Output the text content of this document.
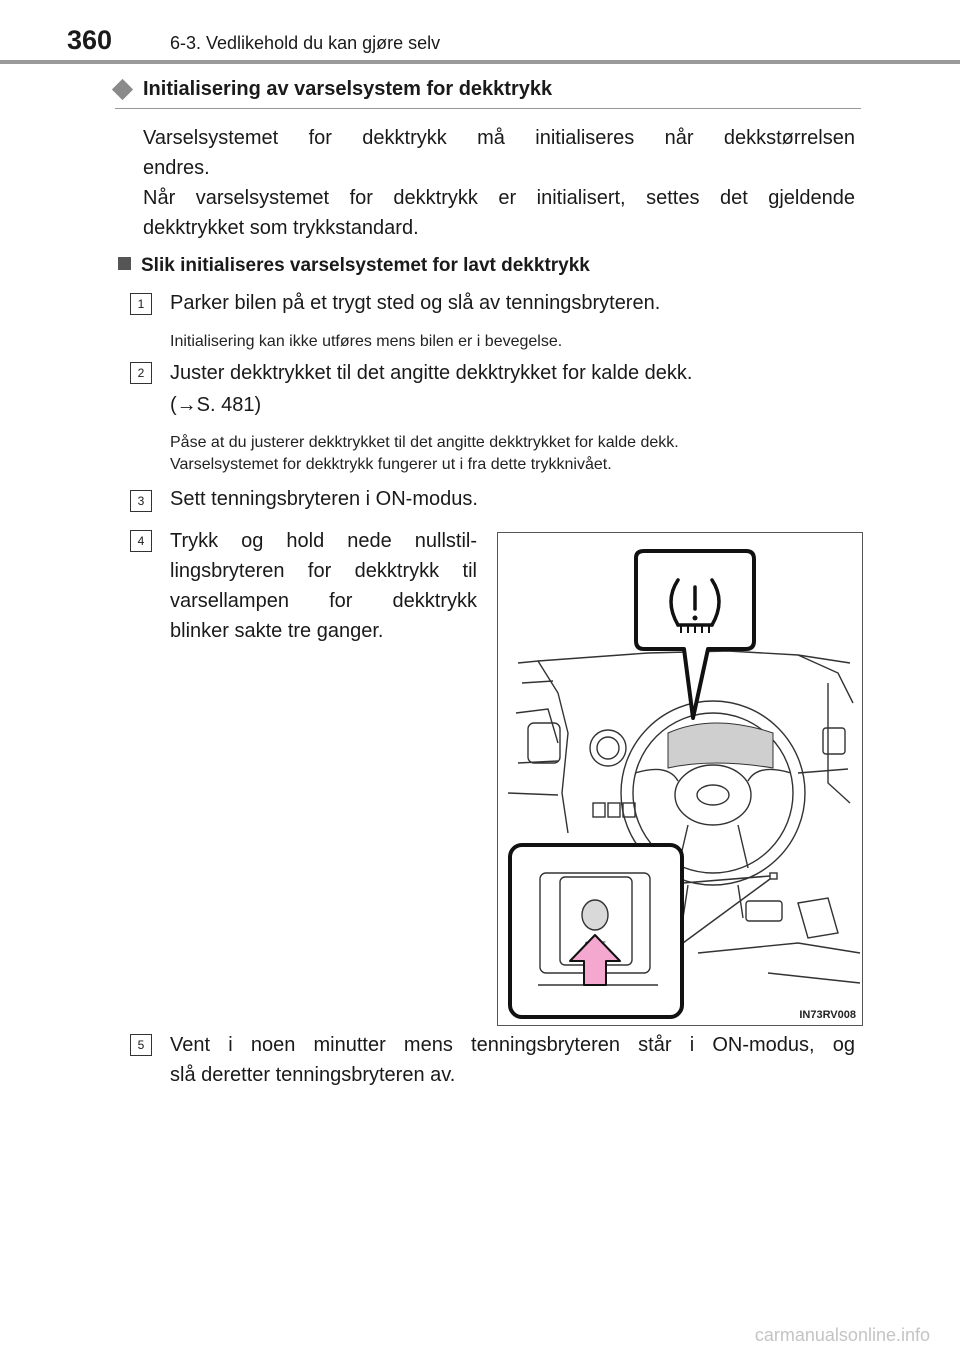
360	6-3. Vedlikehold du kan gjøre selv
Initialisering av varselsystem for dekktrykk
Varselsystemet for dekktrykk må initialiseres når dekkstørrelsen
endres.
Når varselsystemet for dekktrykk er initialisert, settes det gjeldende
dekktrykket som trykkstandard.
Slik initialiseres varselsystemet for lavt dekktrykk
1	Parker bilen på et trygt sted og slå av tenningsbryteren.
Initialisering kan ikke utføres mens bilen er i bevegelse.
2	Juster dekktrykket til det angitte dekktrykket for kalde dekk.
(→S. 481)
Påse at du justerer dekktrykket til det angitte dekktrykket for kalde dekk.
Varselsystemet for dekktrykk fungerer ut i fra dette trykknivået.
3	Sett tenningsbryteren i ON-modus.
4	Trykk og hold nede nullstil-
lingsbryteren for dekktrykk til
varsellampen for dekktrykk
blinker sakte tre ganger.
IN73RV008
5	Vent i noen minutter mens tenningsbryteren står i ON-modus, og
slå deretter tenningsbryteren av.
carmanualsonline.info
